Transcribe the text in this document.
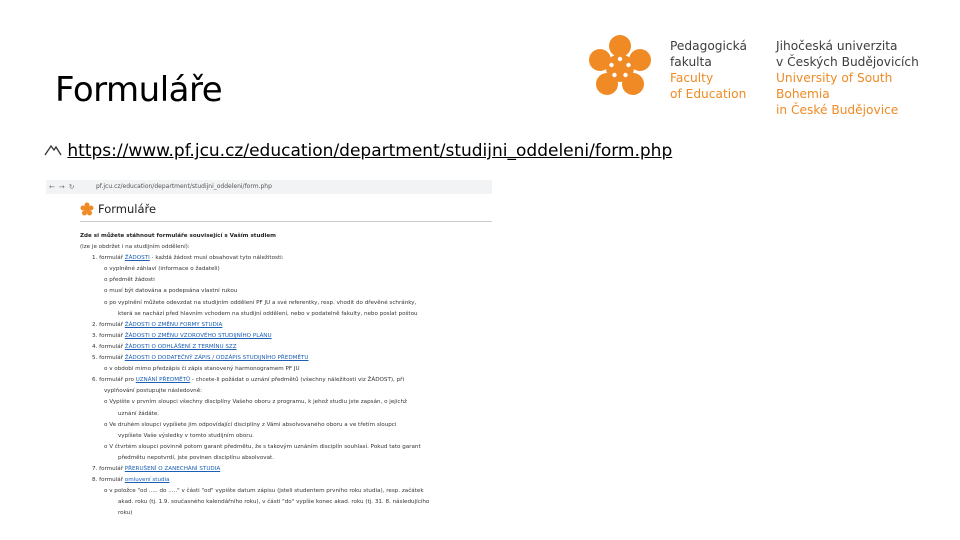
Formuláře
Pedagogická
fakulta
Faculty
of Education
Jihočeská univerzita
v Českých Budějovicích
University of South Bohemia
in České Budějovice
https://www.pf.jcu.cz/education/department/studijni_oddeleni/form.php
←→↻	pf.jcu.cz/education/department/studijni_oddeleni/form.php
Formuláře
Zde si můžete stáhnout formuláře související s Vaším studiem
(lze je obdržet i na studijním oddělení):
1. formulář ŽÁDOSTI - každá žádost musí obsahovat tyto náležitosti:
o vyplněné záhlaví (informace o žadateli)
o předmět žádosti
o musí být datována a podepsána vlastní rukou
o po vyplnění můžete odevzdat na studijním oddělení PF JU a své referentky, resp. vhodit do dřevěné schránky,
která se nachází před hlavním vchodem na studijní oddělení, nebo v podatelně fakulty, nebo poslat poštou
2. formulář ŽÁDOSTI O ZMĚNU FORMY STUDIA
3. formulář ŽÁDOSTI O ZMĚNU VZOROVÉHO STUDIJNÍHO PLÁNU
4. formulář ŽÁDOSTI O ODHLÁŠENÍ Z TERMÍNU SZZ
5. formulář ŽÁDOSTI O DODATEČNÝ ZÁPIS / ODZÁPIS STUDIJNÍHO PŘEDMĚTU
o v období mimo předzápis či zápis stanovený harmonogramem PF JU
6. formulář pro UZNÁNÍ PŘEDMĚTŮ - chcete-li požádat o uznání předmětů (všechny náležitosti viz ŽÁDOST), při
vyplňování postupujte následovně:
o Vypište v prvním sloupci všechny disciplíny Vašeho oboru z programu, k jehož studiu jste zapsán, o jejichž
uznání žádáte.
o Ve druhém sloupci vypíšete jim odpovídající disciplíny z Vámi absolvovaného oboru a ve třetím sloupci
vypíšete Vaše výsledky v tomto studijním oboru.
o V čtvrtém sloupci povinně potom garant předmětu, že s takovým uznáním disciplín souhlasí. Pokud tato garant
předmětu nepotvrdí, jste povinen disciplínu absolvovat.
7. formulář PŘERUŠENÍ O ZANECHÁNÍ STUDIA
8. formulář omluvení studia
o v položce "od ..... do ....." v části "od" vypište datum zápisu (jsteli studentem prvního roku studia), resp. začátek
akad. roku (tj. 1.9. současného kalendářního roku), v části "do" vypíše konec akad. roku (tj. 31. 8. následujícího
roku)
